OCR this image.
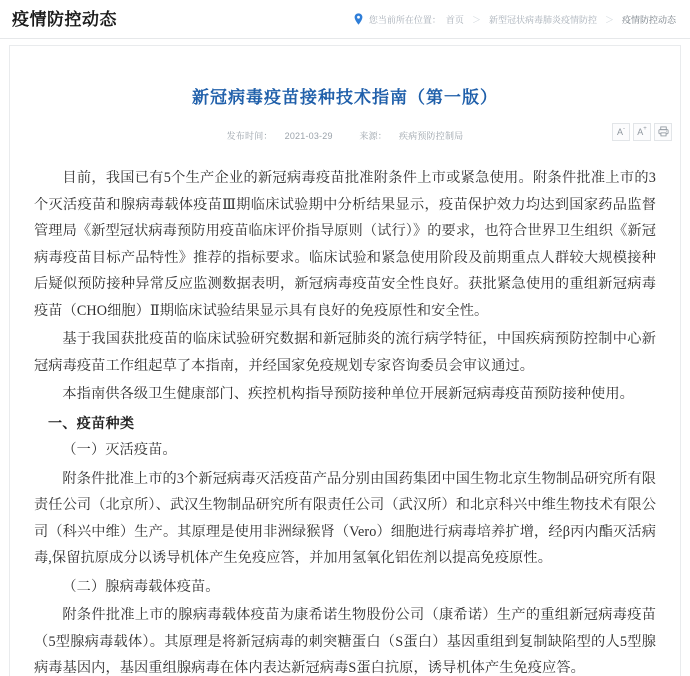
疫情防控动态	您当前所在位置： 首页 ＞ 新型冠状病毒肺炎疫情防控 ＞ 疫情防控动态
新冠病毒疫苗接种技术指南（第一版）
发布时间： 2021-03-29	来源： 疾病预防控制局	A - A +

目前，我国已有5个生产企业的新冠病毒疫苗批准附条件上市或紧急使用。附条件批准上市的3个灭活疫苗和腺病毒载体疫苗Ⅲ期临床试验期中分析结果显示，疫苗保护效力均达到国家药品监督管理局《新型冠状病毒预防用疫苗临床评价指导原则（试行）》的要求，也符合世界卫生组织《新冠病毒疫苗目标产品特性》推荐的指标要求。临床试验和紧急使用阶段及前期重点人群较大规模接种后疑似预防接种异常反应监测数据表明，新冠病毒疫苗安全性良好。获批紧急使用的重组新冠病毒疫苗（CHO细胞）Ⅱ期临床试验结果显示具有良好的免疫原性和安全性。

基于我国获批疫苗的临床试验研究数据和新冠肺炎的流行病学特征，中国疾病预防控制中心新冠病毒疫苗工作组起草了本指南，并经国家免疫规划专家咨询委员会审议通过。

本指南供各级卫生健康部门、疾控机构指导预防接种单位开展新冠病毒疫苗预防接种使用。

一、疫苗种类

（一）灭活疫苗。

附条件批准上市的3个新冠病毒灭活疫苗产品分别由国药集团中国生物北京生物制品研究所有限责任公司（北京所）、武汉生物制品研究所有限责任公司（武汉所）和北京科兴中维生物技术有限公司（科兴中维）生产。其原理是使用非洲绿猴肾（Vero）细胞进行病毒培养扩增，经β丙内酯灭活病毒,保留抗原成分以诱导机体产生免疫应答，并加用氢氧化铝佐剂以提高免疫原性。

（二）腺病毒载体疫苗。

附条件批准上市的腺病毒载体疫苗为康希诺生物股份公司（康希诺）生产的重组新冠病毒疫苗（5型腺病毒载体）。其原理是将新冠病毒的刺突糖蛋白（S蛋白）基因重组到复制缺陷型的人5型腺病毒基因内，基因重组腺病毒在体内表达新冠病毒S蛋白抗原，诱导机体产生免疫应答。
